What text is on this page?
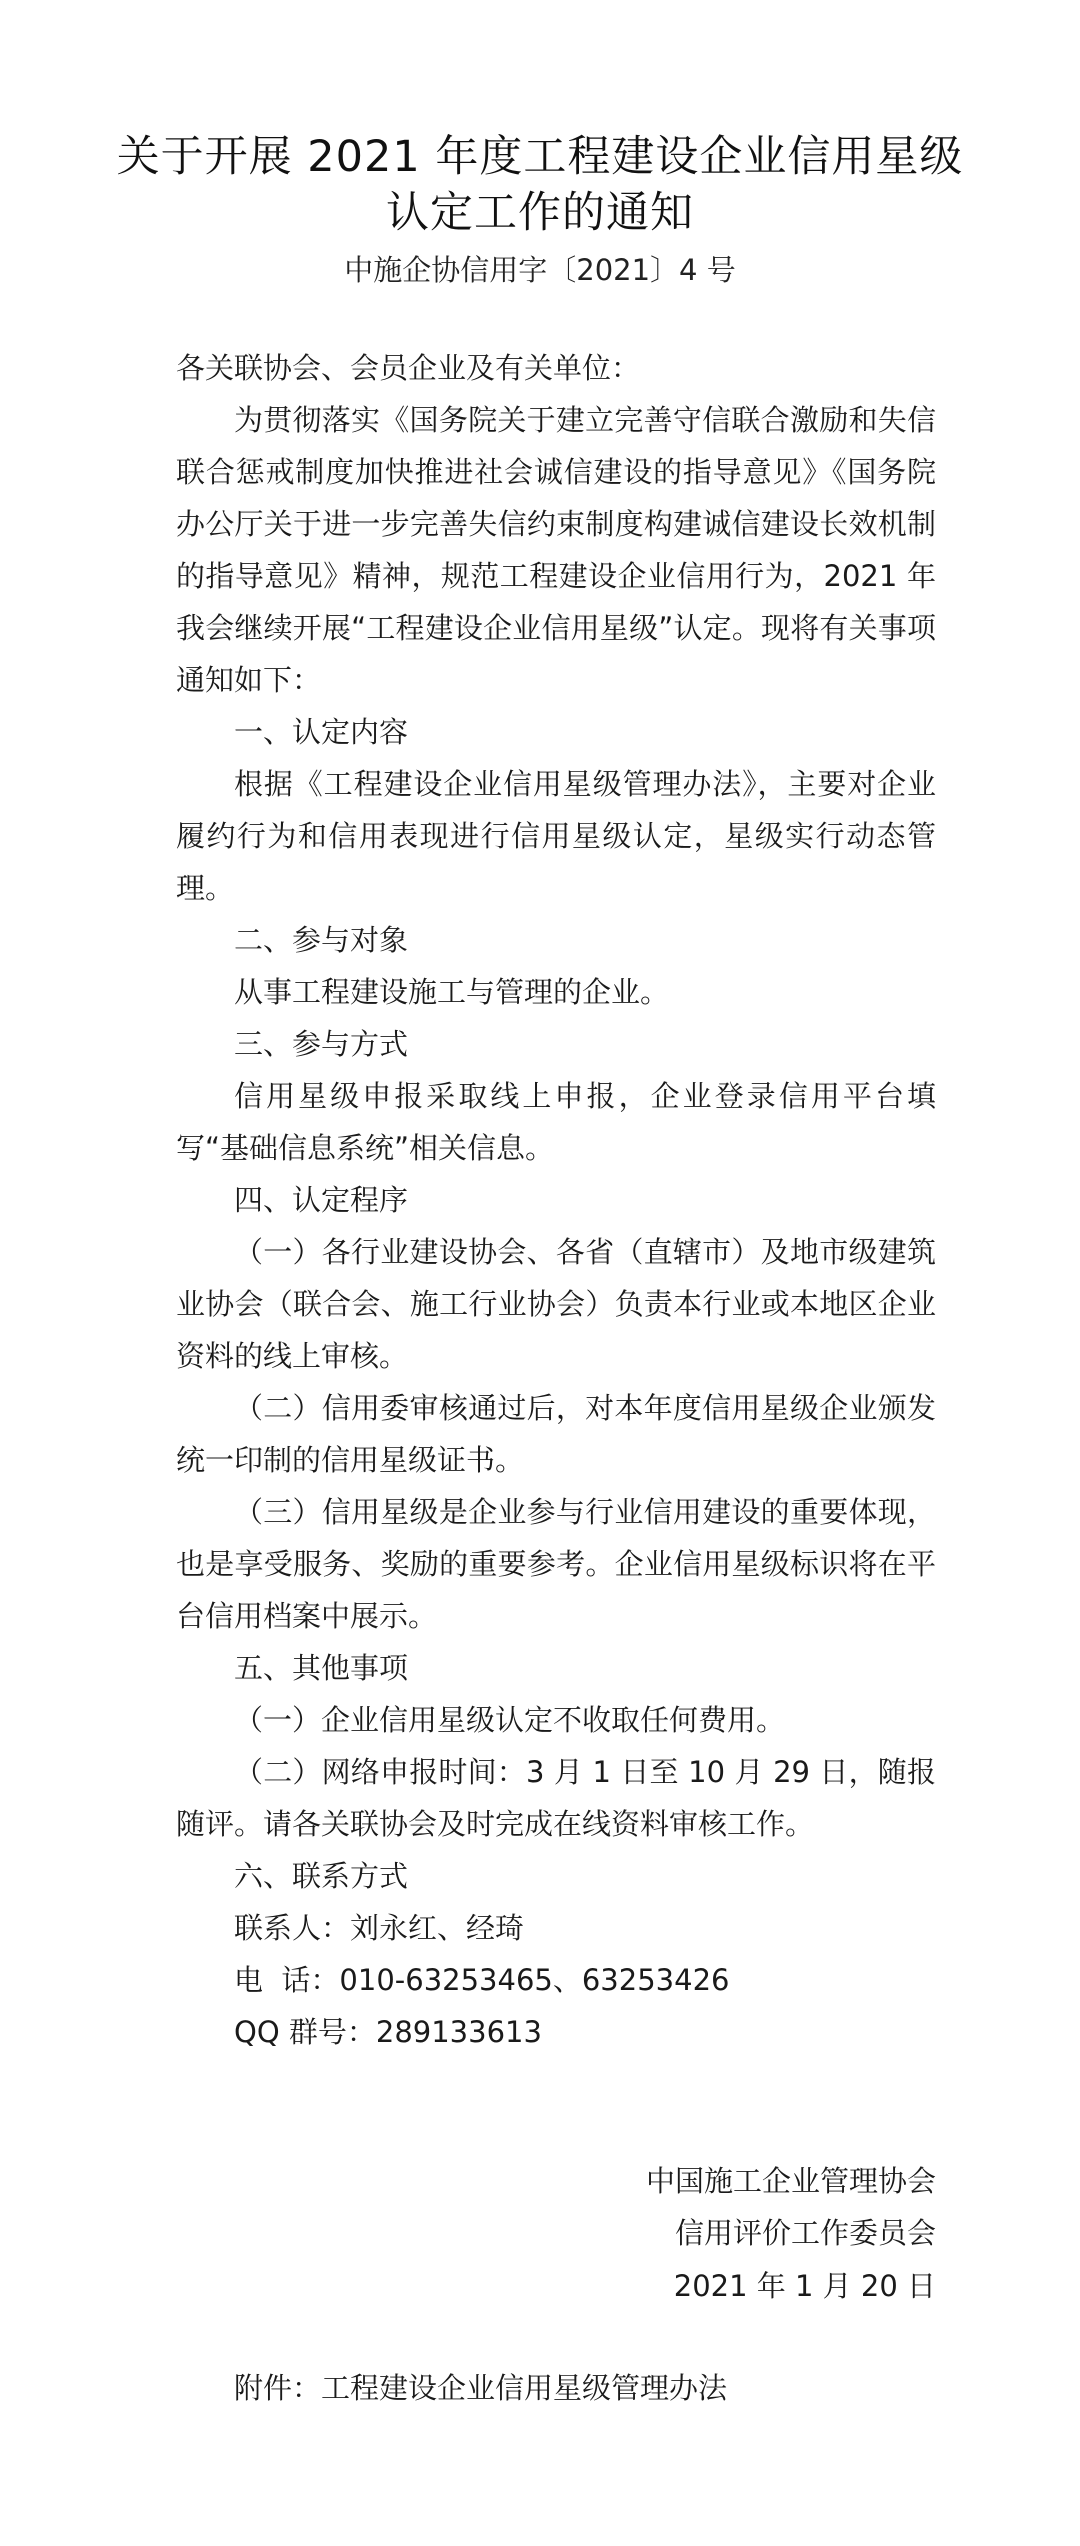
关于开展 2021 年度工程建设企业信用星级
认定工作的通知
中施企协信用字〔2021〕4 号

各关联协会、会员企业及有关单位：

为贯彻落实《国务院关于建立完善守信联合激励和失信联合惩戒制度加快推进社会诚信建设的指导意见》《国务院办公厅关于进一步完善失信约束制度构建诚信建设长效机制的指导意见》精神，规范工程建设企业信用行为，2021 年我会继续开展“工程建设企业信用星级”认定。现将有关事项通知如下：

一、认定内容

根据《工程建设企业信用星级管理办法》，主要对企业履约行为和信用表现进行信用星级认定，星级实行动态管理。

二、参与对象

从事工程建设施工与管理的企业。

三、参与方式

信用星级申报采取线上申报，企业登录信用平台填写“基础信息系统”相关信息。

四、认定程序

（一）各行业建设协会、各省（直辖市）及地市级建筑业协会（联合会、施工行业协会）负责本行业或本地区企业资料的线上审核。

（二）信用委审核通过后，对本年度信用星级企业颁发统一印制的信用星级证书。

（三）信用星级是企业参与行业信用建设的重要体现，也是享受服务、奖励的重要参考。企业信用星级标识将在平台信用档案中展示。

五、其他事项

（一）企业信用星级认定不收取任何费用。

（二）网络申报时间：3 月 1 日至 10 月 29 日，随报随评。请各关联协会及时完成在线资料审核工作。

六、联系方式

联系人：刘永红、经琦

电  话：010-63253465、63253426

QQ 群号：289133613

中国施工企业管理协会
信用评价工作委员会
2021 年 1 月 20 日
附件：工程建设企业信用星级管理办法
